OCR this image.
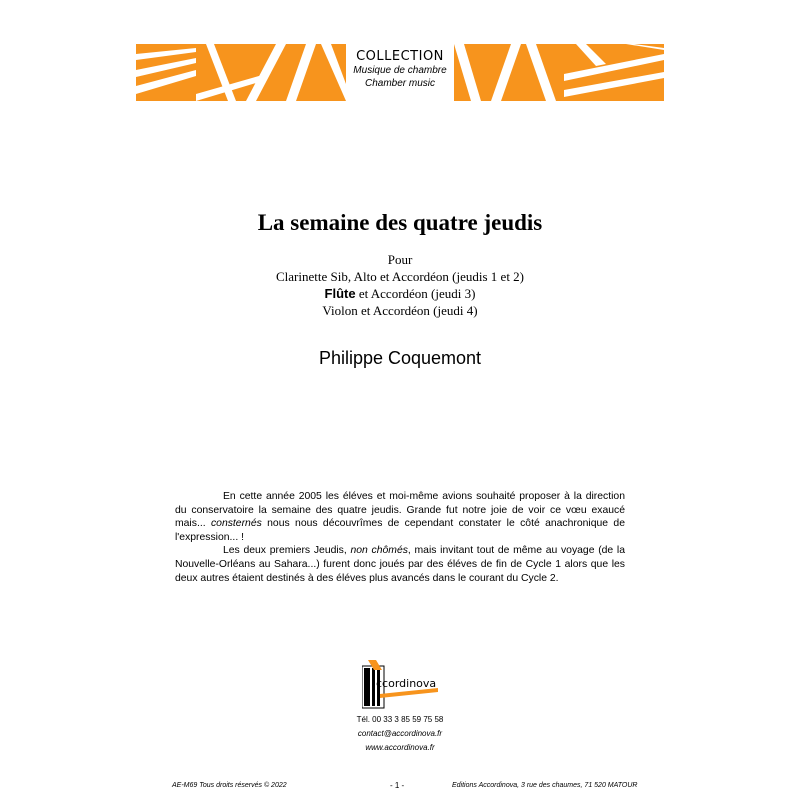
COLLECTION
Musique de chambre
Chamber music
La semaine des quatre jeudis
Pour
Clarinette Sib, Alto et Accordéon (jeudis 1 et 2)
Flûte et Accordéon (jeudi 3)
Violon et Accordéon (jeudi 4)
Philippe Coquemont

En cette année 2005 les éléves et moi-même avions souhaité proposer à la direction du conservatoire la semaine des quatre jeudis. Grande fut notre joie de voir ce vœu exaucé mais... consternés nous nous découvrîmes de cependant constater le côté anachronique de l'expression... !

Les deux premiers Jeudis, non chômés, mais invitant tout de même au voyage (de la Nouvelle-Orléans au Sahara...) furent donc joués par des éléves de fin de Cycle 1 alors que les deux autres étaient destinés à des éléves plus avancés dans le courant du Cycle 2.

ccordinova
Tél. 00 33 3 85 59 75 58
contact@accordinova.fr
www.accordinova.fr
AE-M69 Tous droits réservés © 2022	- 1 -	Editions Accordinova, 3 rue des chaumes, 71 520 MATOUR
